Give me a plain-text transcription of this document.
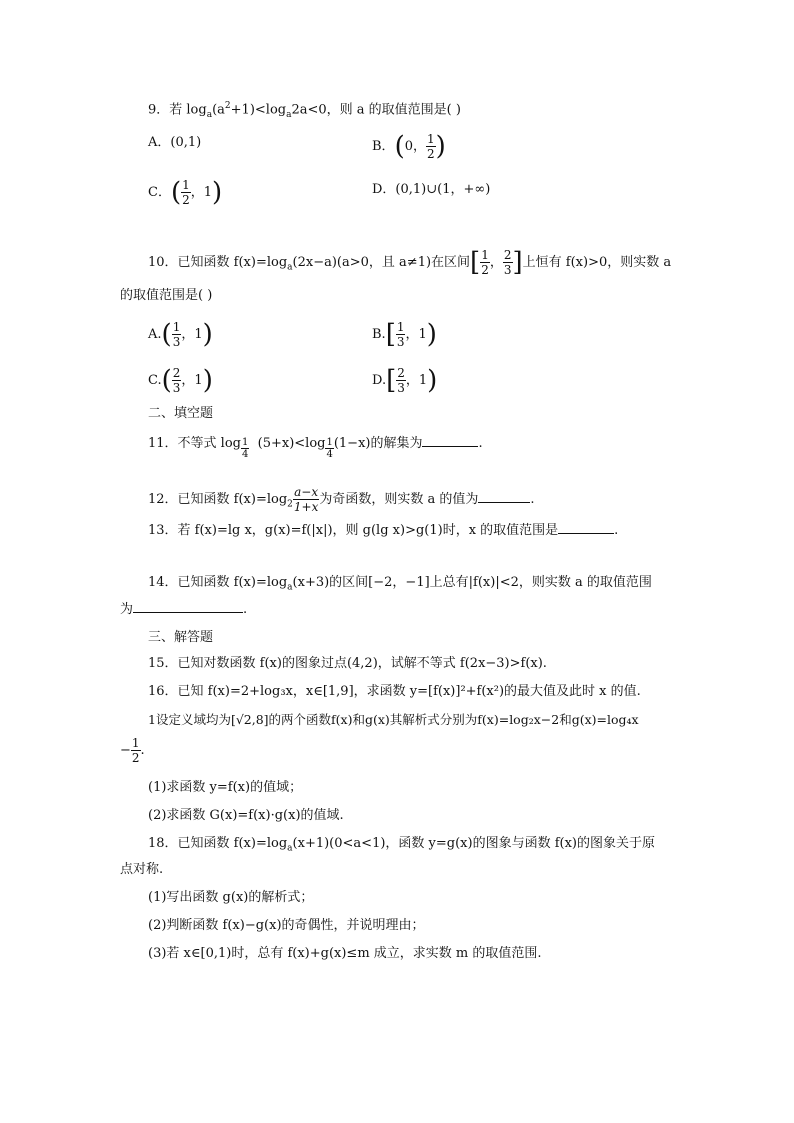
9．若 $\log_a(a^2+1)<\log_a2a<0$，则 a 的取值范围是( )
A．(0,1)	B．(0， $\frac{1}{2}$ )
C．( $\frac{1}{2}$ ，1)	D．(0,1)∪(1，+∞)
10．已知函数 $f(x)=\log_a(2x-a)(a>0$，且 a≠1)在区间[ $\frac{1}{2}$ ， $\frac{2}{3}$ ]上恒有 f(x)>0，则实数 a
的取值范围是( )
$A.( \frac{1}{3}$ ，1)	$B.[ \frac{1}{3}$ ，1)
$C.( \frac{2}{3}$ ，1)	$D.[ \frac{2}{3}$ ，1)
二、填空题
11．不等式 $\log \frac{1}{4} (5+x)<\log \frac{1}{4} (1-x)$的解集为	.
12．已知函数 $f(x)=\log_2 \frac{a-x}{1+x}$ 为奇函数，则实数 a 的值为	.
13．若 f(x)=lg x，g(x)=f(|x|)，则 g(lg x)>g(1)时，x 的取值范围是	.
14．已知函数 $f(x)=\log_a(x+3)$的区间[−2，−1]上总有|f(x)|<2，则实数 a 的取值范围
为	.
三、解答题
15．已知对数函数 f(x)的图象过点(4,2)，试解不等式 f(2x−3)>f(x).
16．已知 f(x)=2+log₃x，x∈[1,9]，求函数 y=[f(x)]²+f(x²)的最大值及此时 x 的值.
1设定义域均为[√2,8]的两个函数f(x)和g(x)其解析式分别为f(x)=log₂x−2和g(x)=log₄x
− $\frac{1}{2}$ .
(1)求函数 y=f(x)的值域；
(2)求函数 G(x)=f(x)·g(x)的值域.
18．已知函数 $f(x)=\log_a(x+1)(0<a<1)$，函数 y=g(x)的图象与函数 f(x)的图象关于原
点对称.
(1)写出函数 g(x)的解析式；
(2)判断函数 f(x)−g(x)的奇偶性，并说明理由；
(3)若 x∈[0,1)时，总有 f(x)+g(x)≤m 成立，求实数 m 的取值范围.
